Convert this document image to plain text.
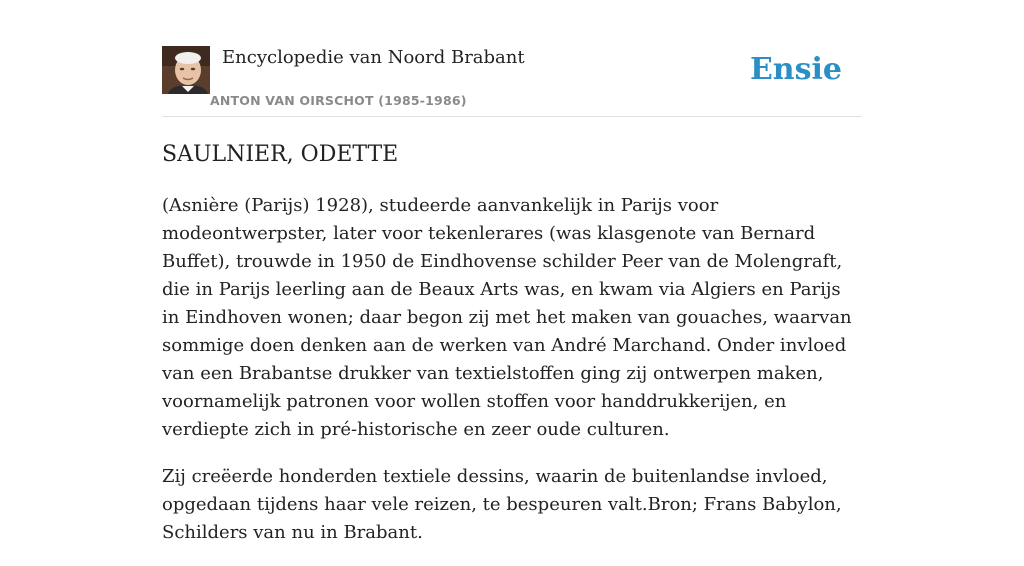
Encyclopedie van Noord Brabant
ANTON VAN OIRSCHOT (1985-1986)
Ensie
SAULNIER, ODETTE

(Asnière (Parijs) 1928), studeerde aanvankelijk in Parijs voor modeontwerpster, later voor tekenlerares (was klasgenote van Bernard Buffet), trouwde in 1950 de Eindhovense schilder Peer van de Molengraft, die in Parijs leerling aan de Beaux Arts was, en kwam via Algiers en Parijs in Eindhoven wonen; daar begon zij met het maken van gouaches, waarvan sommige doen denken aan de werken van André Marchand. Onder invloed van een Brabantse drukker van textielstoffen ging zij ontwerpen maken, voornamelijk patronen voor wollen stoffen voor handdrukkerijen, en verdiepte zich in pré-historische en zeer oude culturen.

Zij creëerde honderden textiele dessins, waarin de buitenlandse invloed, opgedaan tijdens haar vele reizen, te bespeuren valt.Bron; Frans Babylon, Schilders van nu in Brabant.
